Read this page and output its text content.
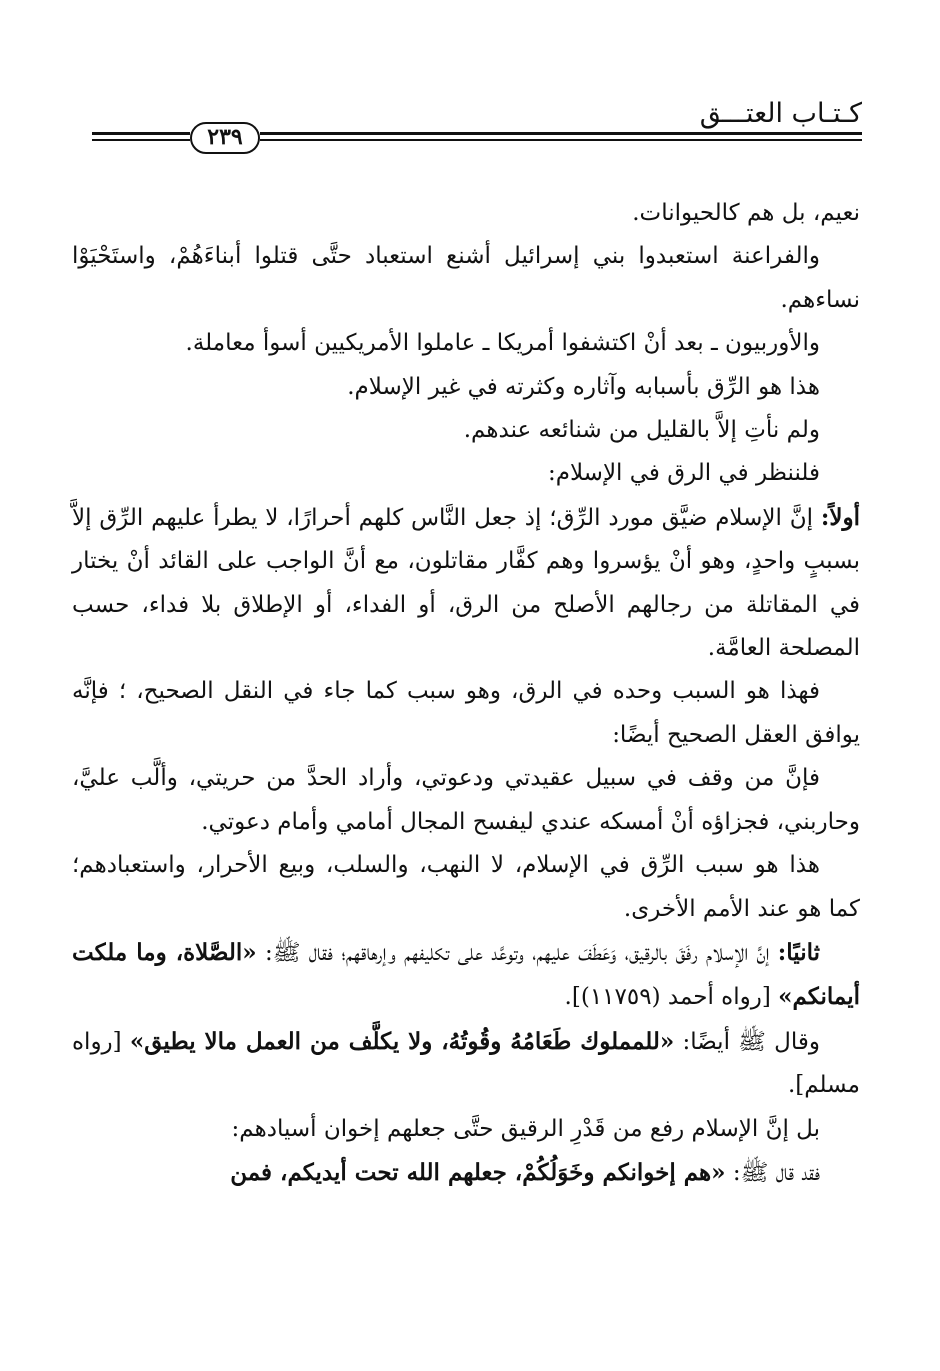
كـتـاب العتـــق
٢٣٩

نعيم، بل هم كالحيوانات.

والفراعنة استعبدوا بني إسرائيل أشنع استعباد حتَّى قتلوا أبناءَهُمْ، واستَحْيَوْا نساءهم.

والأوربيون ـ بعد أنْ اكتشفوا أمريكا ـ عاملوا الأمريكيين أسوأ معاملة.

هذا هو الرِّق بأسبابه وآثاره وكثرته في غير الإسلام.

ولم نأتِ إلاَّ بالقليل من شنائعه عندهم.

فلننظر في الرق في الإسلام:

أولاً: إنَّ الإسلام ضيَّق مورد الرِّق؛ إذ جعل النَّاس كلهم أحرارًا، لا يطرأ عليهم الرِّق إلاَّ بسببٍ واحدٍ، وهو أنْ يؤسروا وهم كفَّار مقاتلون، مع أنَّ الواجب على القائد أنْ يختار في المقاتلة من رجالهم الأصلح من الرق، أو الفداء، أو الإطلاق بلا فداء، حسب المصلحة العامَّة.

فهذا هو السبب وحده في الرق، وهو سبب كما جاء في النقل الصحيح، ؛ فإنَّه يوافق العقل الصحيح أيضًا:

فإنَّ من وقف في سبيل عقيدتي ودعوتي، وأراد الحدَّ من حريتي، وألَّب عليَّ، وحاربني، فجزاؤه أنْ أمسكه عندي ليفسح المجال أمامي وأمام دعوتي.

هذا هو سبب الرِّق في الإسلام، لا النهب، والسلب، وبيع الأحرار، واستعبادهم؛ كما هو عند الأمم الأخرى.

ثانيًا: إنَّ الإسلام رفَقَ بالرقيق، وَعَطَفَ عليهم، وتوعَّد على تكليفهم وإرهاقهم؛ فقال ﷺ: «الصَّلاة، وما ملكت أيمانكم» [رواه أحمد (١١٧٥٩)].

وقال ﷺ أيضًا: «للمملوك طَعَامُهُ وقُوتُهُ، ولا يكلَّف من العمل مالا يطيق» [رواه مسلم].

بل إنَّ الإسلام رفع من قَدْرِ الرقيق حتَّى جعلهم إخوان أسيادهم:

فقد قال ﷺ: «هم إخوانكم وخَوَلُكُمْ، جعلهم الله تحت أيديكم، فمن
